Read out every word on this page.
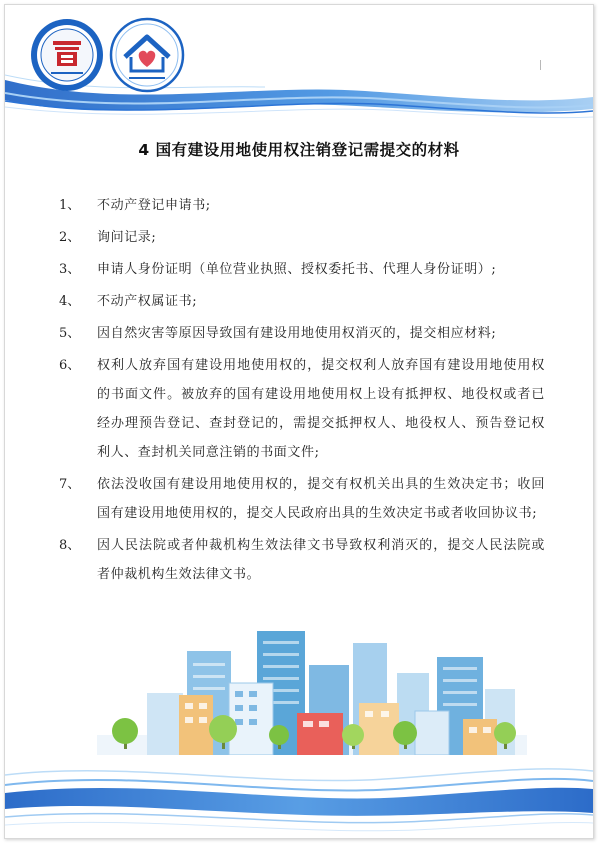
4 国有建设用地使用权注销登记需提交的材料
1、 不动产登记申请书;
2、 询问记录;
3、 申请人身份证明（单位营业执照、授权委托书、代理人身份证明）;
4、 不动产权属证书;
5、 因自然灾害等原因导致国有建设用地使用权消灭的，提交相应材料;
6、 权利人放弃国有建设用地使用权的，提交权利人放弃国有建设用地使用权的书面文件。被放弃的国有建设用地使用权上设有抵押权、地役权或者已经办理预告登记、查封登记的，需提交抵押权人、地役权人、预告登记权利人、查封机关同意注销的书面文件;
7、 依法没收国有建设用地使用权的，提交有权机关出具的生效决定书；收回国有建设用地使用权的，提交人民政府出具的生效决定书或者收回协议书;
8、 因人民法院或者仲裁机构生效法律文书导致权利消灭的，提交人民法院或者仲裁机构生效法律文书。
